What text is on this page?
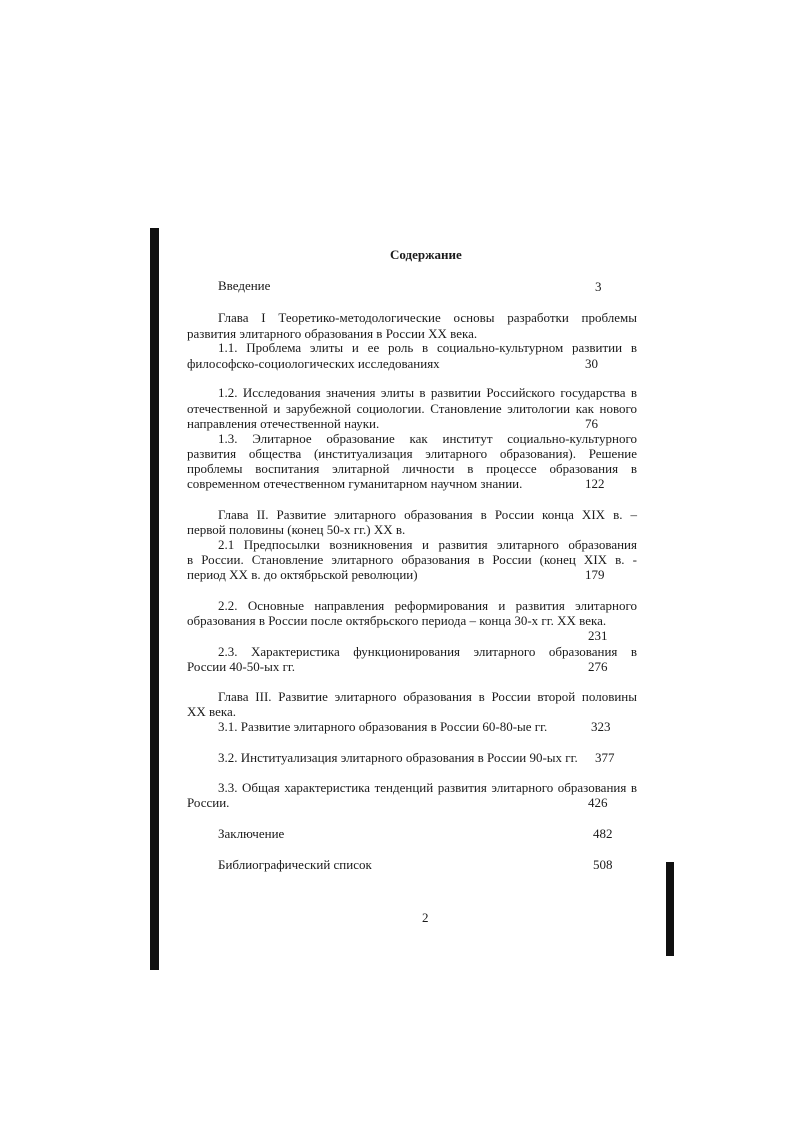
Содержание
Введение	3
Глава I Теоретико-методологические основы разработки проблемы
развития элитарного образования в России XX века.
1.1. Проблема элиты и ее роль в социально-культурном развитии в
философско-социологических исследованиях	30
1.2. Исследования значения элиты в развитии Российского государства в
отечественной и зарубежной социологии. Становление элитологии как нового
направления отечественной науки.	76
1.3. Элитарное образование как институт социально-культурного
развития общества (институализация элитарного образования). Решение
проблемы воспитания элитарной личности в процессе образования в
современном отечественном гуманитарном научном знании.	122
Глава II. Развитие элитарного образования в России конца XIX в. –
первой половины (конец 50-х гг.) XX в.
2.1 Предпосылки возникновения и развития элитарного образования
в России. Становление элитарного образования в России (конец XIX в. -
период XX в. до октябрьской революции)	179
2.2. Основные направления реформирования и развития элитарного
образования в России после октябрьского периода – конца 30-х гг. XX века.
231
2.3. Характеристика функционирования элитарного образования в
России 40-50-ых гг.	276
Глава III. Развитие элитарного образования в России второй половины
XX века.
3.1. Развитие элитарного образования в России 60-80-ые гг.	323
3.2. Институализация элитарного образования в России 90-ых гг. 377
3.3. Общая характеристика тенденций развития элитарного образования в
России.	426
Заключение	482
Библиографический список	508
2
